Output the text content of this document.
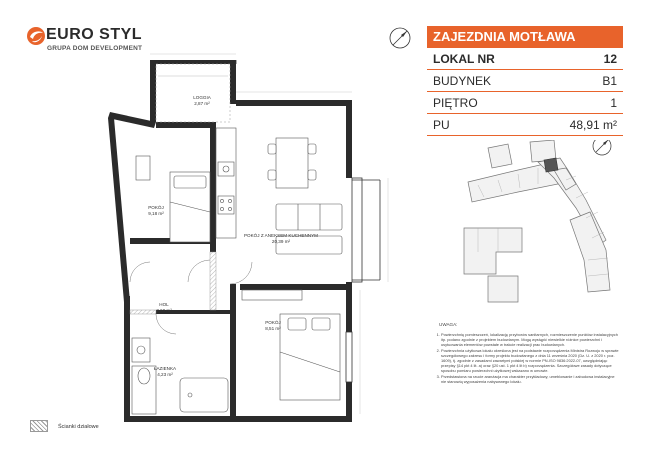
EURO STYL
GRUPA DOM DEVELOPMENT
ZAJEZDNIA MOTŁAWA
LOKAL NR	12
BUDYNEK	B1
PIĘTRO	1
PU	48,91 m²
LOGGIA
2,87 m²
POKÓJ
9,18 m²
POKÓJ Z ANEKSEM KUCHENNYM
20,39 m²
HOL
7,60 m²
POKÓJ
8,51 m²
ŁAZIENKA
4,23 m²
UWAGA:
1. Powierzchnię pomieszczeń, lokalizację przyborów sanitarnych, rozmieszczenie punktów instalacyjnych itp. podano zgodnie z projektem budowlanym. Mogą wystąpić niewielkie różnice powierzchni i usytuowania elementów powstałe w trakcie realizacji prac budowlanych.
2. Powierzchnia użytkowa lokalu określona jest na podstawie rozporządzenia Ministra Rozwoju w sprawie szczegółowego zakresu i formy projektu budowlanego z dnia 11 września 2020 (Dz. U. z 2020 r. poz. 1609), tj. zgodnie z zasadami zawartymi polskiej w normie PN-ISO 9836:2022-07, uwzględniając przepisy §14 pkt 4 lit. a) oraz §20 ust. 1 pkt 4 lit b) rozporządzenia. Szczegółowe zasady dotyczące sposobu pomiaru powierzchni użytkowej wskazano w umowie.
3. Przedstawiona na rzucie aranżacja ma charakter przykładowy, umeblowanie i zabudowa instalacyjne nie stanowią wyposażenia nabywanego lokalu.
Ścianki działowe
